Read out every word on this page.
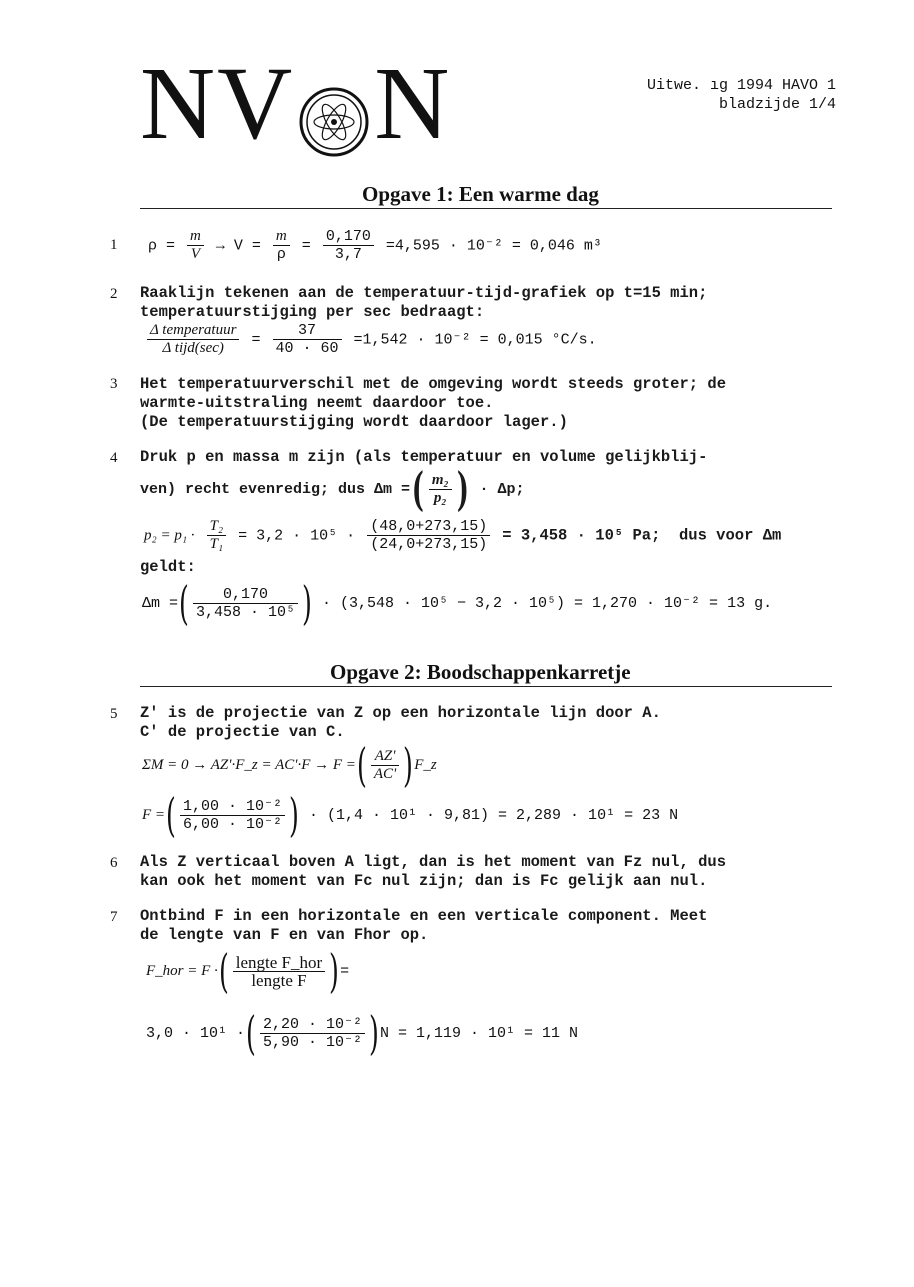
NV N	Uitwe. ıg 1994 HAVO 1
bladzijde 1/4
Opgave 1: Een warme dag
1	$\rho = \frac{m}{V} \to V = \frac{m}{\rho} = \frac{0,170}{3,7} =4,595 \cdot 10^{-2} = 0,046$ m³
2	Raaklijn tekenen aan de temperatuur-tijd-grafiek op t=15 min;
temperatuurstijging per sec bedraagt:
$\frac{\text{Δ temperatuur}}{\text{Δ tijd(sec)}} = \frac{37}{40 \cdot 60} =1,542 \cdot 10^{-2} = 0,015$ °C/s.
3	Het temperatuurverschil met de omgeving wordt steeds groter; de
warmte-uitstraling neemt daardoor toe.
(De temperatuurstijging wordt daardoor lager.)
4	Druk p en massa m zijn (als temperatuur en volume gelijkblij-
ven) recht evenredig; dus Δm =( $\frac{\text{m₂}}{\text{p₂}}$ ) · Δp;
$p_2 = p_1 \cdot \frac{\text{T₂}}{\text{T₁}} = 3,2 \cdot 10^5 \cdot \frac{(48,0+273,15)}{(24,0+273,15)} = 3,458 \cdot 10^5$ Pa;  dus voor Δm
geldt:
Δm =( $\frac{0,170}{\text{3,458 · 10⁵}}$ ) · (3,548 · 10⁵ − 3,2 · 10⁵) = 1,270 · 10⁻² = 13 g.
Opgave 2: Boodschappenkarretje
5	Z' is de projectie van Z op een horizontale lijn door A.
C' de projectie van C.
ΣM = 0 → AZ'·F_z = AC'·F → F =( $\frac{AZ'}{AC'}$ )F_z
F =( $\frac{\text{1,00 · 10⁻²}}{\text{6,00 · 10⁻²}}$ ) · (1,4 · 10¹ · 9,81) = 2,289 · 10¹ = 23 N
6	Als Z verticaal boven A ligt, dan is het moment van Fz nul, dus
kan ook het moment van Fc nul zijn; dan is Fc gelijk aan nul.
7	Ontbind F in een horizontale en een verticale component. Meet
de lengte van F en van Fhor op.
F_hor = F ·( $\frac{\text{lengte F\_hor}}{\text{lengte F}}$ )=
3,0 · 10¹ ·( $\frac{\text{2,20 · 10⁻²}}{\text{5,90 · 10⁻²}} )N = 1,119 \cdot 10^1 = 11$ N
